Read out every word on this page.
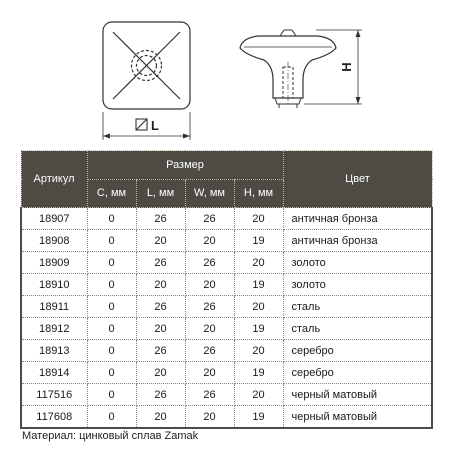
L
H
Артикул	Размер				Цвет
	C, мм	L, мм	W, мм	H, мм	
18907	0	26	26	20	античная бронза
18908	0	20	20	19	античная бронза
18909	0	26	26	20	золото
18910	0	20	20	19	золото
18911	0	26	26	20	сталь
18912	0	20	20	19	сталь
18913	0	26	26	20	серебро
18914	0	20	20	19	серебро
117516	0	26	26	20	черный матовый
117608	0	20	20	19	черный матовый
Материал: цинковый сплав Zamak
